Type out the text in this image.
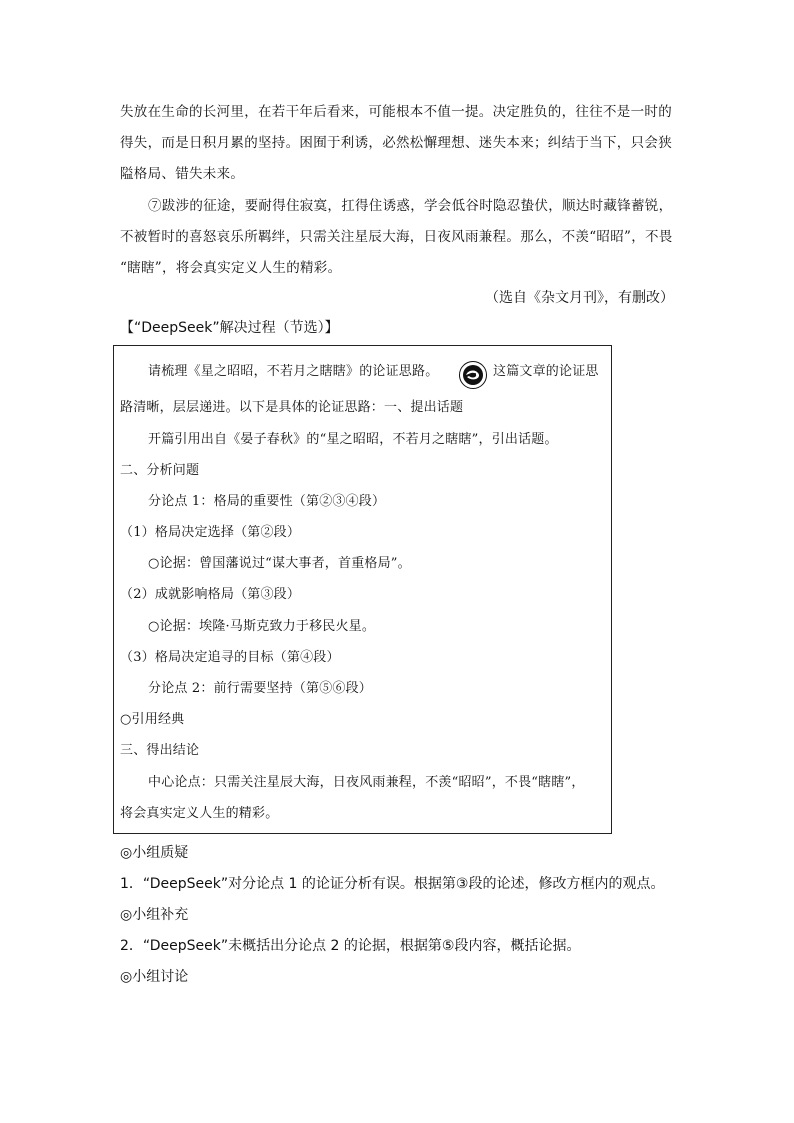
失放在生命的长河里，在若干年后看来，可能根本不值一提。决定胜负的，往往不是一时的
得失，而是日积月累的坚持。困囿于利诱，必然松懈理想、迷失本来；纠结于当下，只会狭
隘格局、错失未来。
⑦跋涉的征途，要耐得住寂寞，扛得住诱惑，学会低谷时隐忍蛰伏，顺达时藏锋蓄锐，
不被暂时的喜怒哀乐所羁绊，只需关注星辰大海，日夜风雨兼程。那么，不羡“昭昭”，不畏
“瞎瞎”，将会真实定义人生的精彩。
（选自《杂文月刊》，有删改）
【“DeepSeek”解决过程（节选）】
请梳理《星之昭昭，不若月之瞎瞎》的论证思路。	这篇文章的论证思
路清晰，层层递进。以下是具体的论证思路：一、提出话题
开篇引用出自《晏子春秋》的“星之昭昭，不若月之瞎瞎”，引出话题。
二、分析问题
分论点 1：格局的重要性（第②③④段）
（1）格局决定选择（第②段）
○论据：曾国藩说过“谋大事者，首重格局”。
（2）成就影响格局（第③段）
○论据：埃隆·马斯克致力于移民火星。
（3）格局决定追寻的目标（第④段）
分论点 2：前行需要坚持（第⑤⑥段）
○引用经典
三、得出结论
中心论点：只需关注星辰大海，日夜风雨兼程，不羡“昭昭”，不畏“瞎瞎”，
将会真实定义人生的精彩。
◎小组质疑
1．“DeepSeek”对分论点 1 的论证分析有误。根据第③段的论述，修改方框内的观点。
◎小组补充
2．“DeepSeek”未概括出分论点 2 的论据，根据第⑤段内容，概括论据。
◎小组讨论
